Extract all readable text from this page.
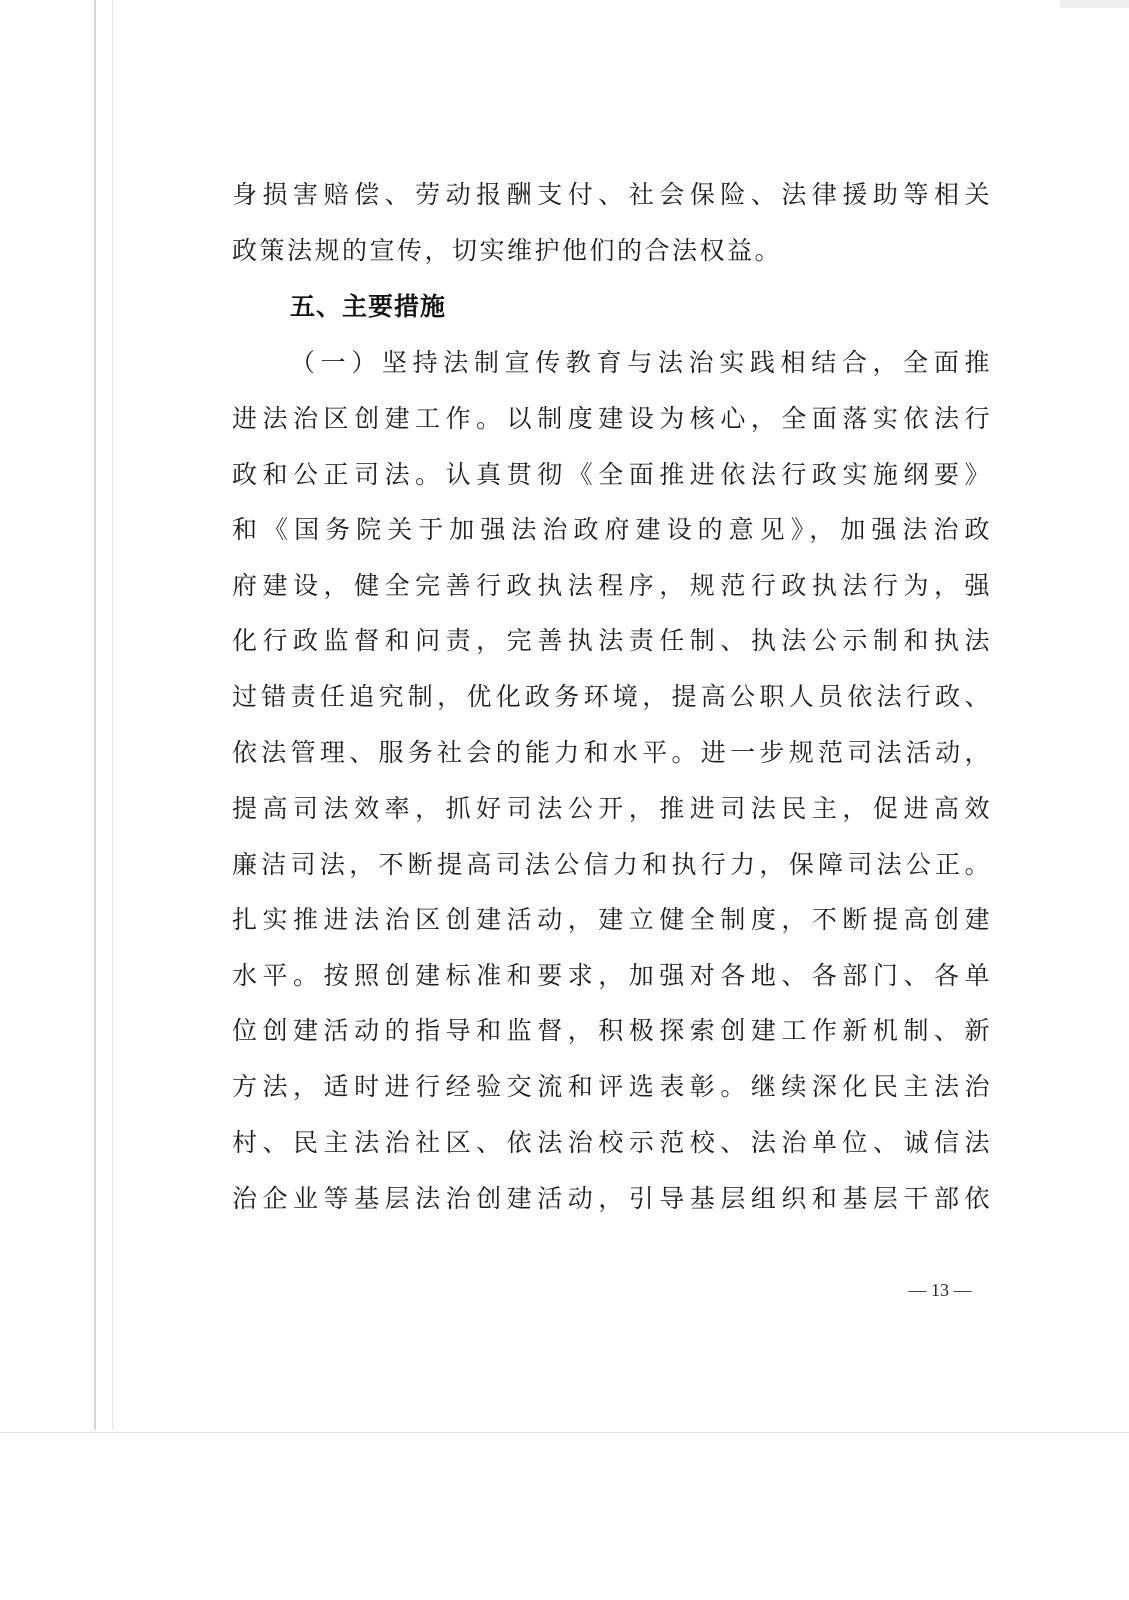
身损害赔偿、劳动报酬支付、社会保险、法律援助等相关
政策法规的宣传，切实维护他们的合法权益。
五、主要措施
（一）坚持法制宣传教育与法治实践相结合，全面推
进法治区创建工作。以制度建设为核心，全面落实依法行
政和公正司法。认真贯彻《全面推进依法行政实施纲要》
和《国务院关于加强法治政府建设的意见》，加强法治政
府建设，健全完善行政执法程序，规范行政执法行为，强
化行政监督和问责，完善执法责任制、执法公示制和执法
过错责任追究制，优化政务环境，提高公职人员依法行政、
依法管理、服务社会的能力和水平。进一步规范司法活动，
提高司法效率，抓好司法公开，推进司法民主，促进高效
廉洁司法，不断提高司法公信力和执行力，保障司法公正。
扎实推进法治区创建活动，建立健全制度，不断提高创建
水平。按照创建标准和要求，加强对各地、各部门、各单
位创建活动的指导和监督，积极探索创建工作新机制、新
方法，适时进行经验交流和评选表彰。继续深化民主法治
村、民主法治社区、依法治校示范校、法治单位、诚信法
治企业等基层法治创建活动，引导基层组织和基层干部依
— 13 —
